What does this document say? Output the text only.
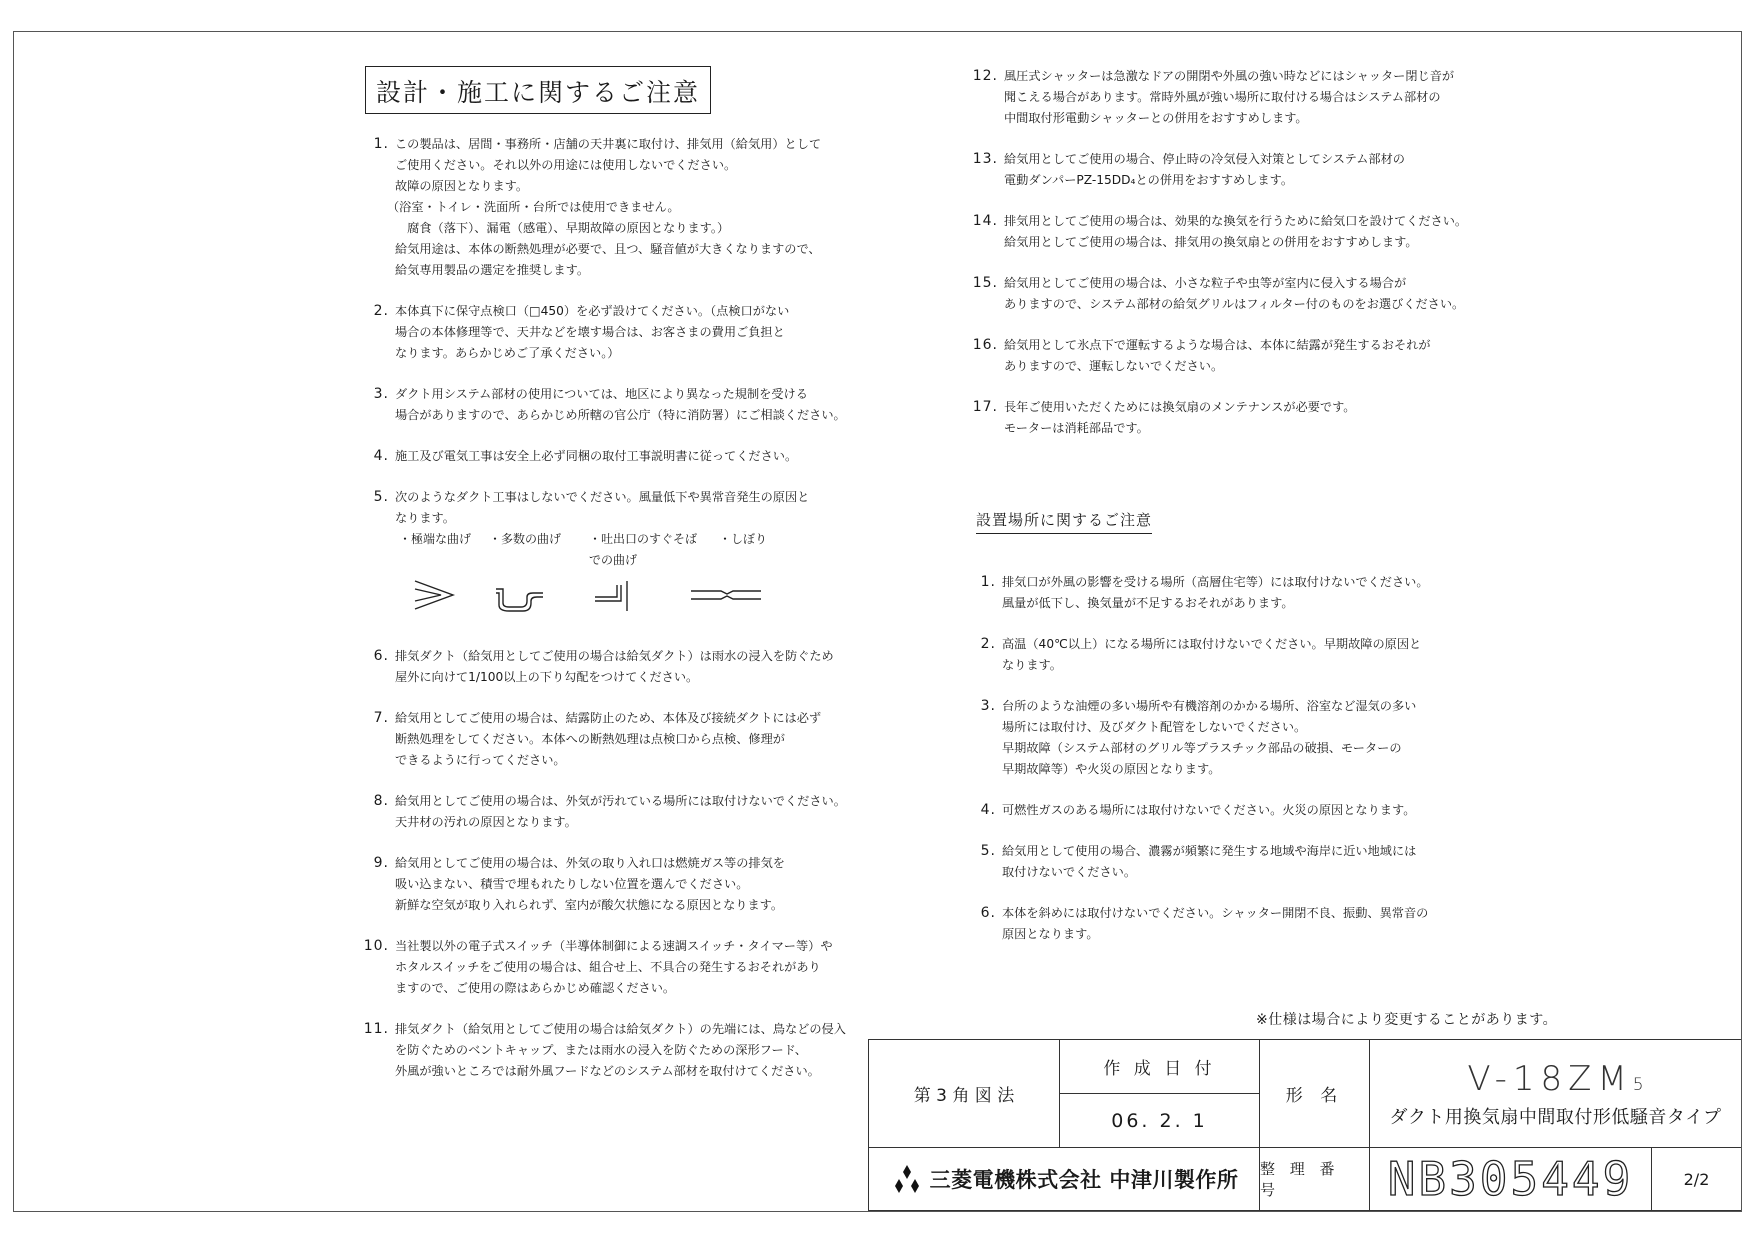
設計・施工に関するご注意
1. この製品は、居間・事務所・店舗の天井裏に取付け、排気用（給気用）として
ご使用ください。それ以外の用途には使用しないでください。
故障の原因となります。
（浴室・トイレ・洗面所・台所では使用できません。
　腐食（落下）、漏電（感電）、早期故障の原因となります。）
給気用途は、本体の断熱処理が必要で、且つ、騒音値が大きくなりますので、
給気専用製品の選定を推奨します。
2. 本体真下に保守点検口（□450）を必ず設けてください。（点検口がない
場合の本体修理等で、天井などを壊す場合は、お客さまの費用ご負担と
なります。あらかじめご了承ください。）
3. ダクト用システム部材の使用については、地区により異なった規制を受ける
場合がありますので、あらかじめ所轄の官公庁（特に消防署）にご相談ください。
4. 施工及び電気工事は安全上必ず同梱の取付工事説明書に従ってください。
5. 次のようなダクト工事はしないでください。風量低下や異常音発生の原因と
なります。
・極端な曲げ	・多数の曲げ	・吐出口のすぐそば
での曲げ
・しぼり
6. 排気ダクト（給気用としてご使用の場合は給気ダクト）は雨水の浸入を防ぐため
屋外に向けて1/100以上の下り勾配をつけてください。
7. 給気用としてご使用の場合は、結露防止のため、本体及び接続ダクトには必ず
断熱処理をしてください。本体への断熱処理は点検口から点検、修理が
できるように行ってください。
8. 給気用としてご使用の場合は、外気が汚れている場所には取付けないでください。
天井材の汚れの原因となります。
9. 給気用としてご使用の場合は、外気の取り入れ口は燃焼ガス等の排気を
吸い込まない、積雪で埋もれたりしない位置を選んでください。
新鮮な空気が取り入れられず、室内が酸欠状態になる原因となります。
10. 当社製以外の電子式スイッチ（半導体制御による速調スイッチ・タイマー等）や
ホタルスイッチをご使用の場合は、組合せ上、不具合の発生するおそれがあり
ますので、ご使用の際はあらかじめ確認ください。
11. 排気ダクト（給気用としてご使用の場合は給気ダクト）の先端には、鳥などの侵入
を防ぐためのベントキャップ、または雨水の浸入を防ぐための深形フード、
外風が強いところでは耐外風フードなどのシステム部材を取付けてください。
12. 風圧式シャッターは急激なドアの開閉や外風の強い時などにはシャッター閉じ音が
聞こえる場合があります。常時外風が強い場所に取付ける場合はシステム部材の
中間取付形電動シャッターとの併用をおすすめします。
13. 給気用としてご使用の場合、停止時の冷気侵入対策としてシステム部材の
電動ダンパーPZ-15DD₄との併用をおすすめします。
14. 排気用としてご使用の場合は、効果的な換気を行うために給気口を設けてください。
給気用としてご使用の場合は、排気用の換気扇との併用をおすすめします。
15. 給気用としてご使用の場合は、小さな粒子や虫等が室内に侵入する場合が
ありますので、システム部材の給気グリルはフィルター付のものをお選びください。
16. 給気用として氷点下で運転するような場合は、本体に結露が発生するおそれが
ありますので、運転しないでください。
17. 長年ご使用いただくためには換気扇のメンテナンスが必要です。
モーターは消耗部品です。
設置場所に関するご注意
1. 排気口が外風の影響を受ける場所（高層住宅等）には取付けないでください。
風量が低下し、換気量が不足するおそれがあります。
2. 高温（40℃以上）になる場所には取付けないでください。早期故障の原因と
なります。
3. 台所のような油煙の多い場所や有機溶剤のかかる場所、浴室など湿気の多い
場所には取付け、及びダクト配管をしないでください。
早期故障（システム部材のグリル等プラスチック部品の破損、モーターの
早期故障等）や火災の原因となります。
4. 可燃性ガスのある場所には取付けないでください。火災の原因となります。
5. 給気用として使用の場合、濃霧が頻繁に発生する地域や海岸に近い地域には
取付けないでください。
6. 本体を斜めには取付けないでください。シャッター開閉不良、振動、異常音の
原因となります。
※仕様は場合により変更することがあります。
第 3 角 図 法
作 成 日 付
06. 2. 1
形 名	V-18ZM5
ダクト用換気扇中間取付形低騒音タイプ
三菱電機株式会社 中津川製作所 整 理 番 号	NB305449	2/2
